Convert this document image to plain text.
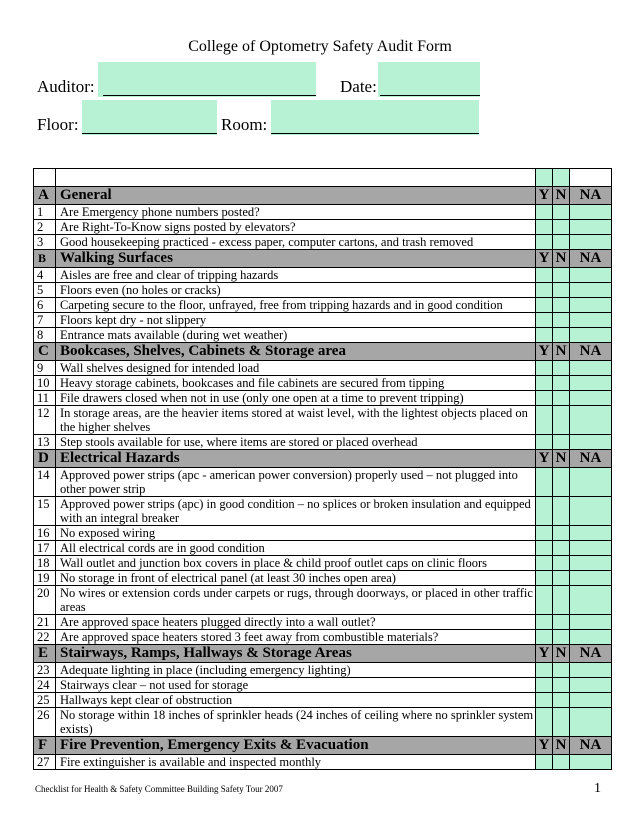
College of Optometry Safety Audit Form
Auditor:	Date:
Floor:	Room:

A	General	Y	N	NA
1	Are Emergency phone numbers posted?			
2	Are Right-To-Know signs posted by elevators?			
3	Good housekeeping practiced - excess paper, computer cartons, and trash removed			
B	Walking Surfaces	Y	N	NA
4	Aisles are free and clear of tripping hazards			
5	Floors even (no holes or cracks)			
6	Carpeting secure to the floor, unfrayed, free from tripping hazards and in good condition			
7	Floors kept dry - not slippery			
8	Entrance mats available (during wet weather)			
C	Bookcases, Shelves, Cabinets & Storage area	Y	N	NA
9	Wall shelves designed for intended load			
10	Heavy storage cabinets, bookcases and file cabinets are secured from tipping			
11	File drawers closed when not in use (only one open at a time to prevent tripping)			
12	In storage areas, are the heavier items stored at waist level, with the lightest objects placed on the higher shelves			
13	Step stools available for use, where items are stored or placed overhead			
D	Electrical Hazards	Y	N	NA
14	Approved power strips (apc - american power conversion) properly used – not plugged into other power strip			
15	Approved power strips (apc) in good condition – no splices or broken insulation and equipped with an integral breaker			
16	No exposed wiring			
17	All electrical cords are in good condition			
18	Wall outlet and junction box covers in place & child proof outlet caps on clinic floors			
19	No storage in front of electrical panel (at least 30 inches open area)			
20	No wires or extension cords under carpets or rugs, through doorways, or placed in other traffic areas			
21	Are approved space heaters plugged directly into a wall outlet?			
22	Are approved space heaters stored 3 feet away from combustible materials?			
E	Stairways, Ramps, Hallways & Storage Areas	Y	N	NA
23	Adequate lighting in place (including emergency lighting)			
24	Stairways clear – not used for storage			
25	Hallways kept clear of obstruction			
26	No storage within 18 inches of sprinkler heads (24 inches of ceiling where no sprinkler system exists)			
F	Fire Prevention, Emergency Exits & Evacuation	Y	N	NA
27	Fire extinguisher is available and inspected monthly			
Checklist for Health & Safety Committee Building Safety Tour 2007	1
